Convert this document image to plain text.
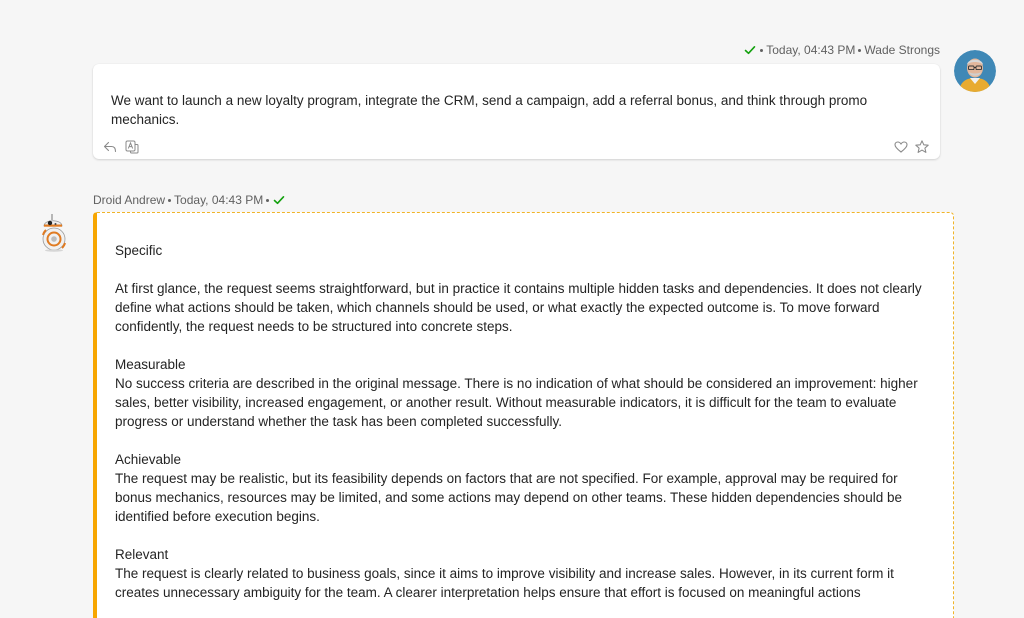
Today, 04:43 PM Wade Strongs
We want to launch a new loyalty program, integrate the CRM, send a campaign, add a referral bonus, and think through promo mechanics.
Droid Andrew Today, 04:43 PM

Specific

At first glance, the request seems straightforward, but in practice it contains multiple hidden tasks and dependencies. It does not clearly define what actions should be taken, which channels should be used, or what exactly the expected outcome is. To move forward confidently, the request needs to be structured into concrete steps.

Measurable

No success criteria are described in the original message. There is no indication of what should be considered an improvement: higher sales, better visibility, increased engagement, or another result. Without measurable indicators, it is difficult for the team to evaluate progress or understand whether the task has been completed successfully.

Achievable

The request may be realistic, but its feasibility depends on factors that are not specified. For example, approval may be required for bonus mechanics, resources may be limited, and some actions may depend on other teams. These hidden dependencies should be identified before execution begins.

Relevant

The request is clearly related to business goals, since it aims to improve visibility and increase sales. However, in its current form it creates unnecessary ambiguity for the team. A clearer interpretation helps ensure that effort is focused on meaningful actions
